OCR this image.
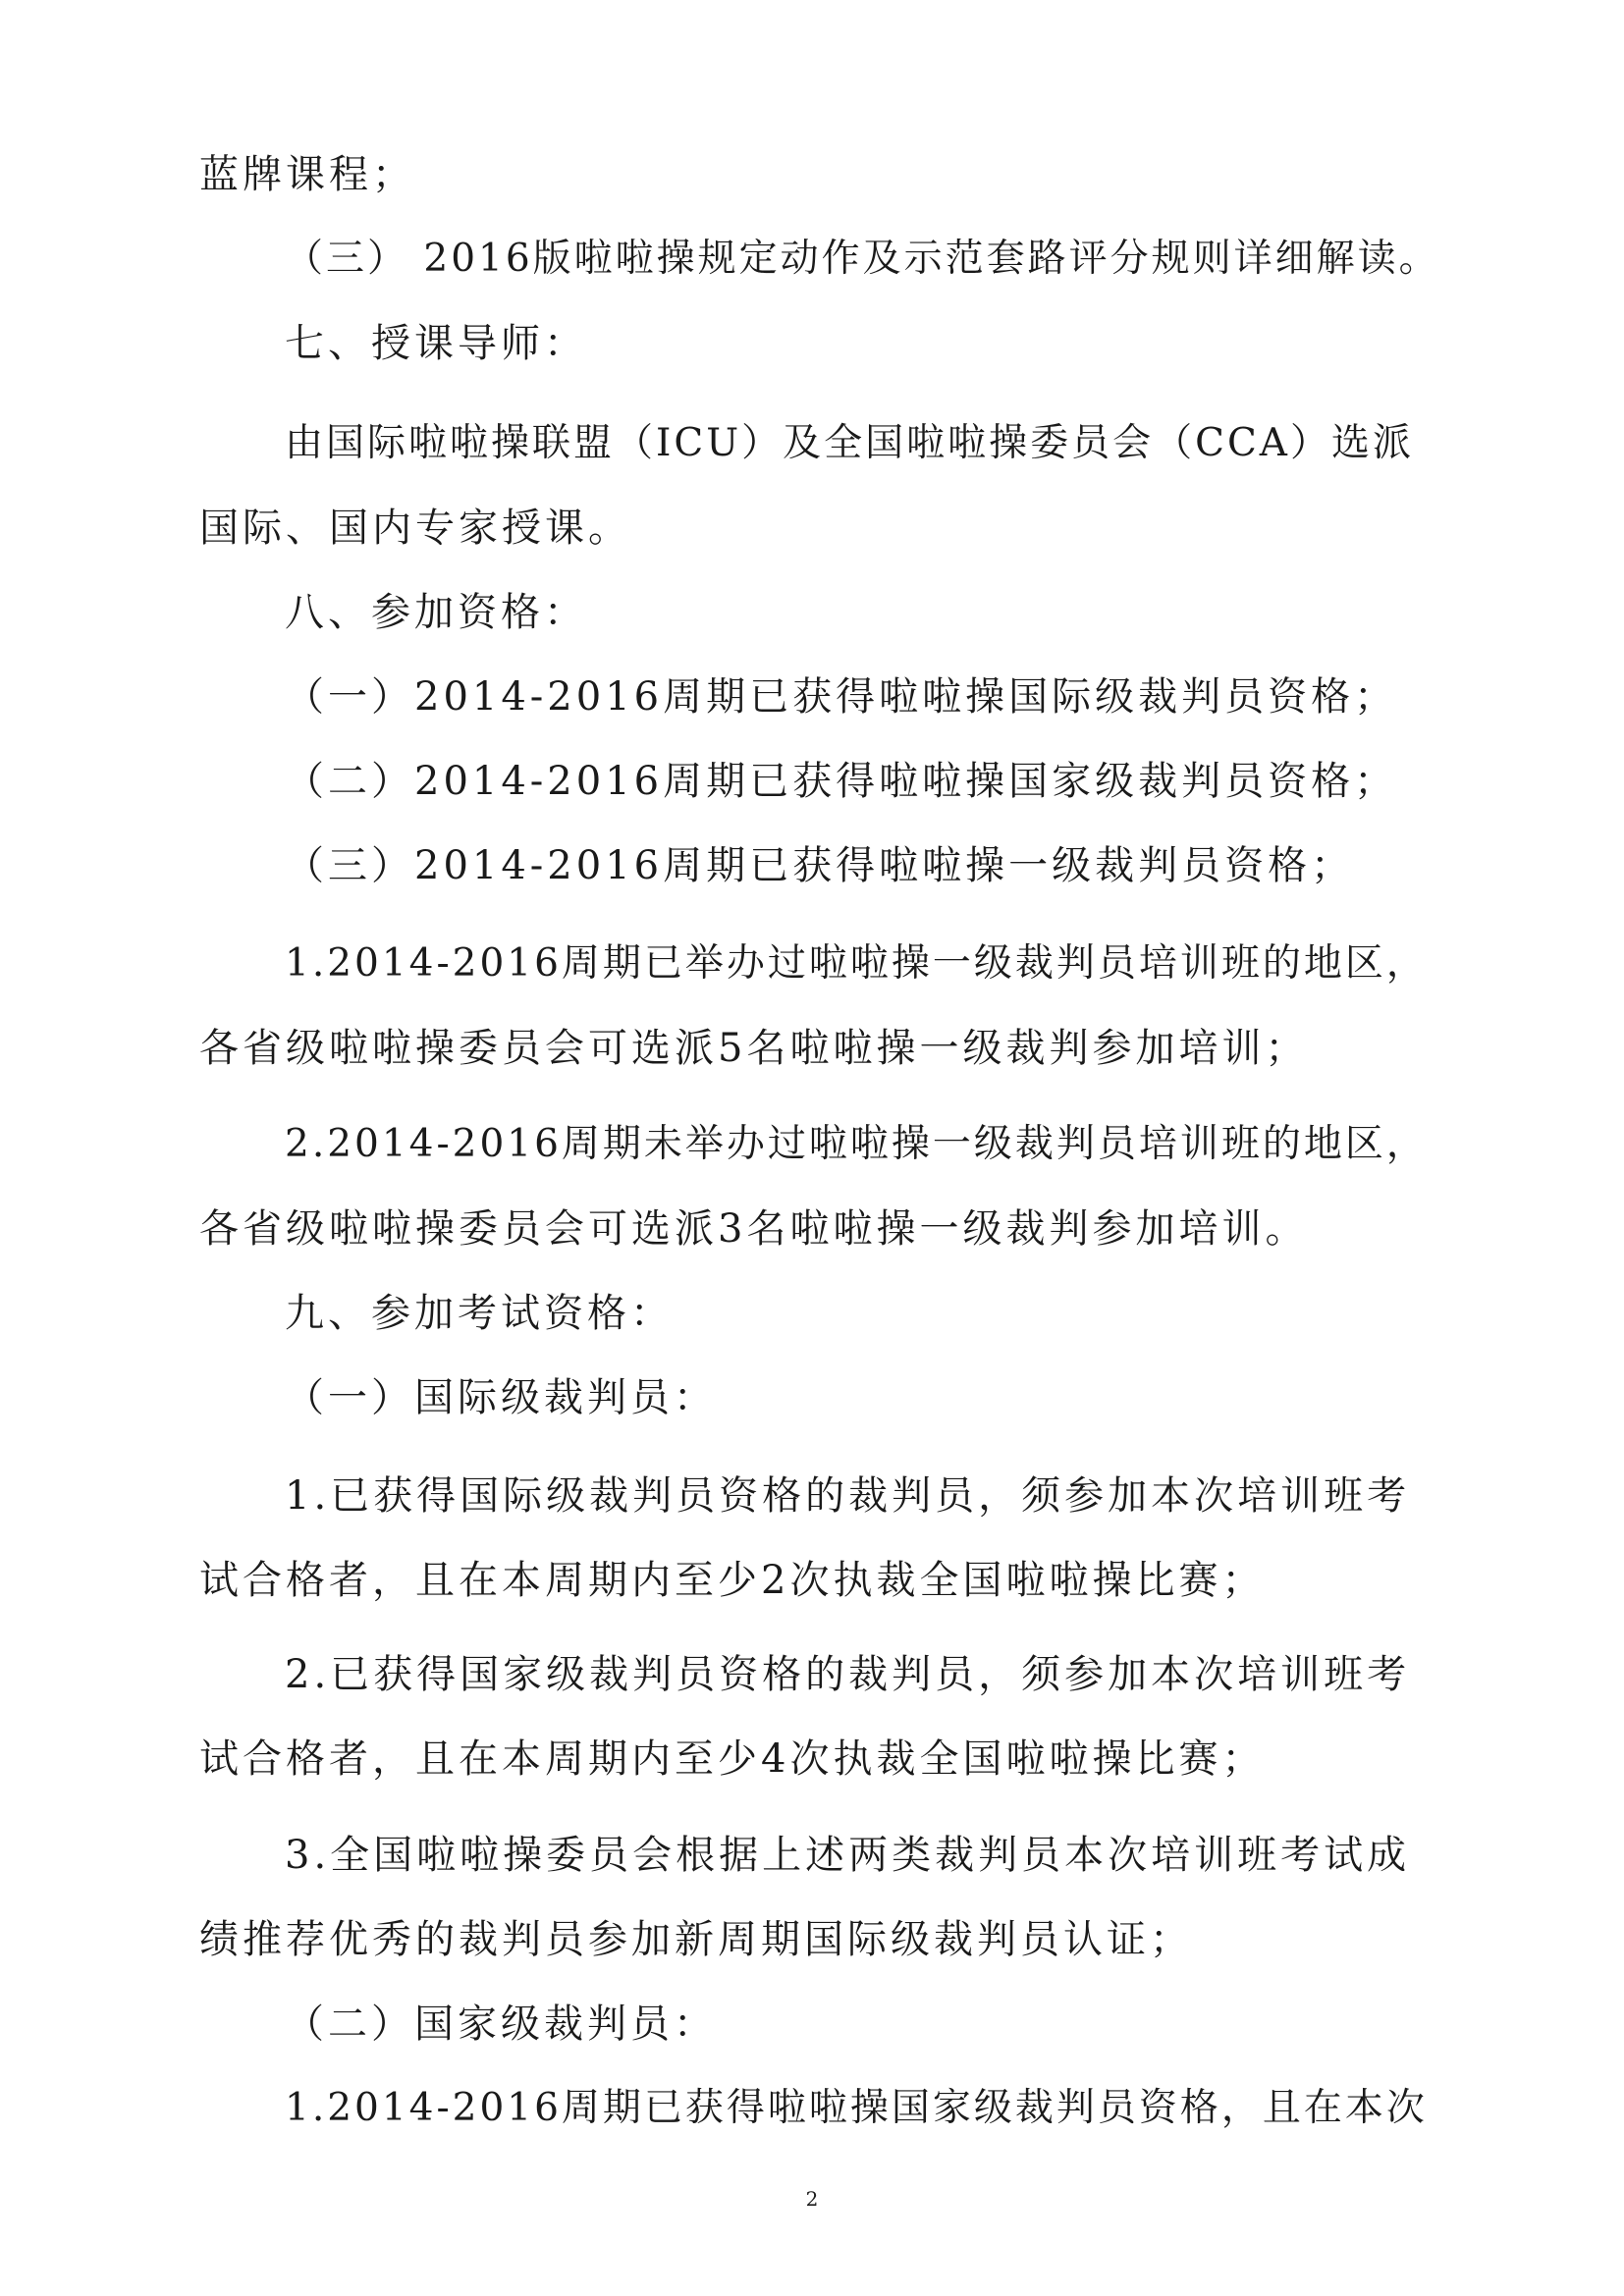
蓝牌课程；

（三） 2016版啦啦操规定动作及示范套路评分规则详细解读。

七、授课导师：

由国际啦啦操联盟（ICU）及全国啦啦操委员会（CCA）选派

国际、国内专家授课。

八、参加资格：

（一）2014-2016周期已获得啦啦操国际级裁判员资格；

（二）2014-2016周期已获得啦啦操国家级裁判员资格；

（三）2014-2016周期已获得啦啦操一级裁判员资格；

1.2014-2016周期已举办过啦啦操一级裁判员培训班的地区，

各省级啦啦操委员会可选派5名啦啦操一级裁判参加培训；

2.2014-2016周期未举办过啦啦操一级裁判员培训班的地区，

各省级啦啦操委员会可选派3名啦啦操一级裁判参加培训。

九、参加考试资格：

（一）国际级裁判员：

1.已获得国际级裁判员资格的裁判员，须参加本次培训班考

试合格者，且在本周期内至少2次执裁全国啦啦操比赛；

2.已获得国家级裁判员资格的裁判员，须参加本次培训班考

试合格者，且在本周期内至少4次执裁全国啦啦操比赛；

3.全国啦啦操委员会根据上述两类裁判员本次培训班考试成

绩推荐优秀的裁判员参加新周期国际级裁判员认证；

（二）国家级裁判员：

1.2014-2016周期已获得啦啦操国家级裁判员资格，且在本次

2
